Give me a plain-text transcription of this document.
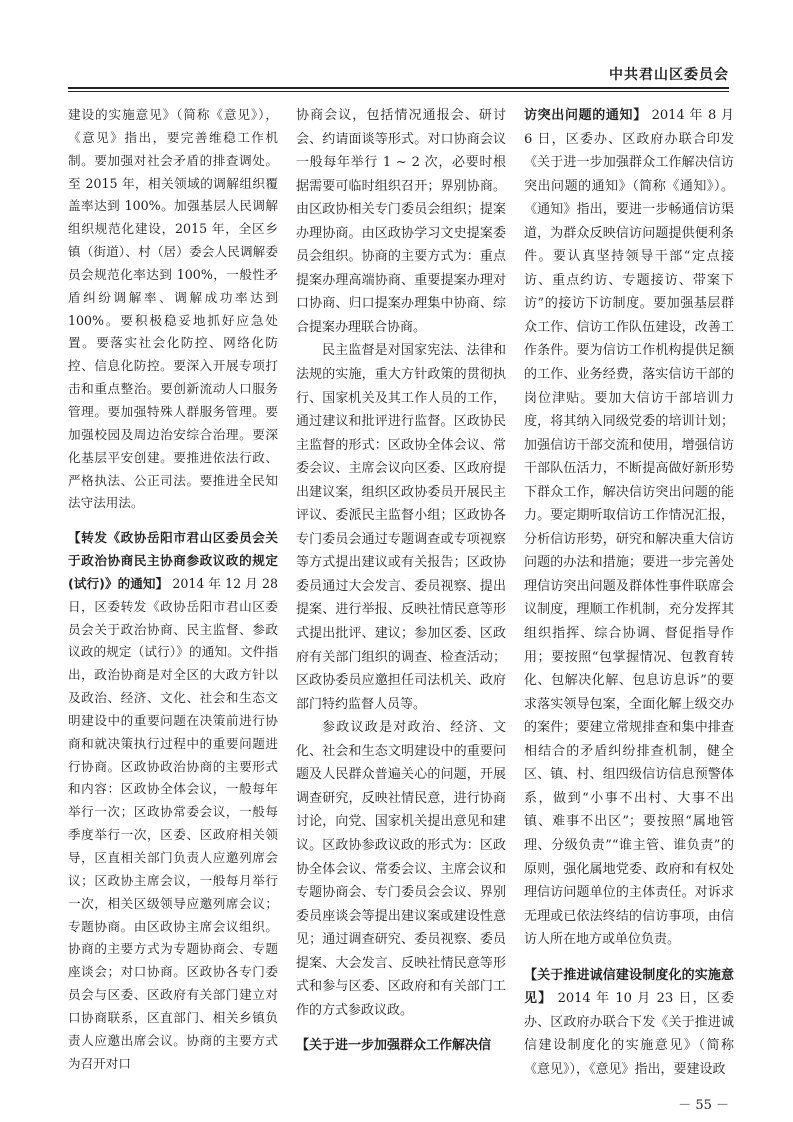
中共君山区委员会

建设的实施意见》（简称《意见》），《意见》指出，要完善维稳工作机制。要加强对社会矛盾的排查调处。至 2015 年，相关领域的调解组织覆盖率达到 100%。加强基层人民调解组织规范化建设，2015 年，全区乡镇（街道）、村（居）委会人民调解委员会规范化率达到 100%，一般性矛盾纠纷调解率、调解成功率达到 100%。要积极稳妥地抓好应急处置。要落实社会化防控、网络化防控、信息化防控。要深入开展专项打击和重点整治。要创新流动人口服务管理。要加强特殊人群服务管理。要加强校园及周边治安综合治理。要深化基层平安创建。要推进依法行政、严格执法、公正司法。要推进全民知法守法用法。

【转发《政协岳阳市君山区委员会关于政治协商民主协商参政议政的规定(试行)》的通知】 2014 年 12 月 28 日，区委转发《政协岳阳市君山区委员会关于政治协商、民主监督、参政议政的规定（试行）》的通知。文件指出，政治协商是对全区的大政方针以及政治、经济、文化、社会和生态文明建设中的重要问题在决策前进行协商和就决策执行过程中的重要问题进行协商。区政协政治协商的主要形式和内容：区政协全体会议，一般每年举行一次；区政协常委会议，一般每季度举行一次，区委、区政府相关领导，区直相关部门负责人应邀列席会议；区政协主席会议，一般每月举行一次，相关区级领导应邀列席会议；专题协商。由区政协主席会议组织。协商的主要方式为专题协商会、专题座谈会；对口协商。区政协各专门委员会与区委、区政府有关部门建立对口协商联系，区直部门、相关乡镇负责人应邀出席会议。协商的主要方式为召开对口

协商会议，包括情况通报会、研讨会、约请面谈等形式。对口协商会议一般每年举行 1 ~ 2 次，必要时根据需要可临时组织召开；界别协商。由区政协相关专门委员会组织；提案办理协商。由区政协学习文史提案委员会组织。协商的主要方式为：重点提案办理高端协商、重要提案办理对口协商、归口提案办理集中协商、综合提案办理联合协商。

民主监督是对国家宪法、法律和法规的实施，重大方针政策的贯彻执行、国家机关及其工作人员的工作，通过建议和批评进行监督。区政协民主监督的形式：区政协全体会议、常委会议、主席会议向区委、区政府提出建议案，组织区政协委员开展民主评议、委派民主监督小组；区政协各专门委员会通过专题调查或专项视察等方式提出建议或有关报告；区政协委员通过大会发言、委员视察、提出提案、进行举报、反映社情民意等形式提出批评、建议；参加区委、区政府有关部门组织的调查、检查活动；区政协委员应邀担任司法机关、政府部门特约监督人员等。

参政议政是对政治、经济、文化、社会和生态文明建设中的重要问题及人民群众普遍关心的问题，开展调查研究，反映社情民意，进行协商讨论，向党、国家机关提出意见和建议。区政协参政议政的形式为：区政协全体会议、常委会议、主席会议和专题协商会、专门委员会会议、界别委员座谈会等提出建议案或建设性意见；通过调查研究、委员视察、委员提案、大会发言、反映社情民意等形式和参与区委、区政府和有关部门工作的方式参政议政。

【关于进一步加强群众工作解决信

访突出问题的通知】 2014 年 8 月 6 日，区委办、区政府办联合印发《关于进一步加强群众工作解决信访突出问题的通知》（简称《通知》）。《通知》指出，要进一步畅通信访渠道，为群众反映信访问题提供便利条件。要认真坚持领导干部“定点接访、重点约访、专题接访、带案下访”的接访下访制度。要加强基层群众工作、信访工作队伍建设，改善工作条件。要为信访工作机构提供足额的工作、业务经费，落实信访干部的岗位津贴。要加大信访干部培训力度，将其纳入同级党委的培训计划；加强信访干部交流和使用，增强信访干部队伍活力，不断提高做好新形势下群众工作，解决信访突出问题的能力。要定期听取信访工作情况汇报，分析信访形势，研究和解决重大信访问题的办法和措施；要进一步完善处理信访突出问题及群体性事件联席会议制度，理顺工作机制，充分发挥其组织指挥、综合协调、督促指导作用；要按照“包掌握情况、包教育转化、包解决化解、包息访息诉”的要求落实领导包案，全面化解上级交办的案件；要建立常规排查和集中排查相结合的矛盾纠纷排查机制，健全区、镇、村、组四级信访信息预警体系，做到“小事不出村、大事不出镇、难事不出区”；要按照“属地管理、分级负责”“谁主管、谁负责”的原则，强化属地党委、政府和有权处理信访问题单位的主体责任。对诉求无理或已依法终结的信访事项，由信访人所在地方或单位负责。

【关于推进诚信建设制度化的实施意见】 2014 年 10 月 23 日，区委办、区政府办联合下发《关于推进诚信建设制度化的实施意见》（简称《意见》），《意见》指出，要建设政

－ 55 －
